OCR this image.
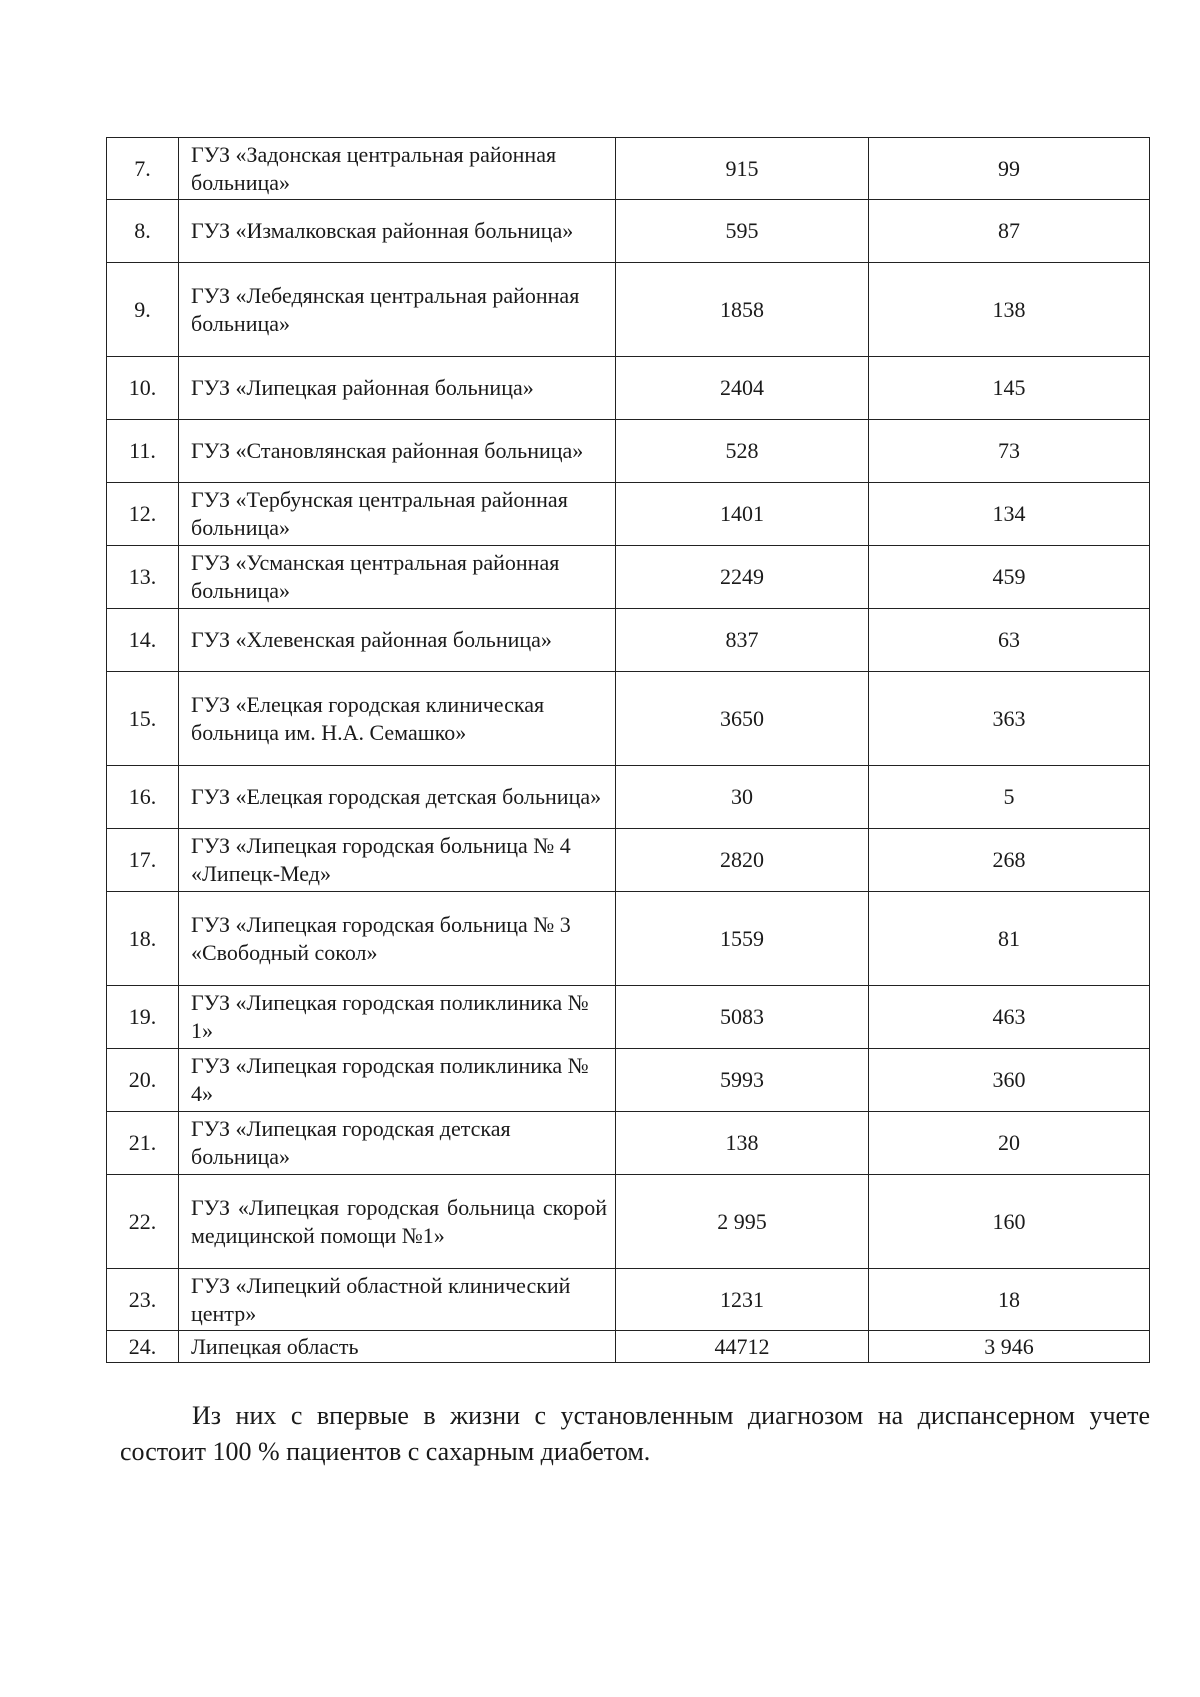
7.	ГУЗ «Задонская центральная районная больница»	915	99
8.	ГУЗ «Измалковская районная больница»	595	87
9.	ГУЗ «Лебедянская центральная районная больница»	1858	138
10.	ГУЗ «Липецкая районная больница»	2404	145
11.	ГУЗ «Становлянская районная больница»	528	73
12.	ГУЗ «Тербунская центральная районная больница»	1401	134
13.	ГУЗ «Усманская центральная районная больница»	2249	459
14.	ГУЗ «Хлевенская районная больница»	837	63
15.	ГУЗ «Елецкая городская клиническая больница им. Н.А. Семашко»	3650	363
16.	ГУЗ «Елецкая городская детская больница»	30	5
17.	ГУЗ «Липецкая городская больница № 4 «Липецк-Мед»	2820	268
18.	ГУЗ «Липецкая городская больница № 3 «Свободный сокол»	1559	81
19.	ГУЗ «Липецкая городская поликлиника № 1»	5083	463
20.	ГУЗ «Липецкая городская поликлиника № 4»	5993	360
21.	ГУЗ «Липецкая городская детская больница»	138	20
22.	ГУЗ «Липецкая городская больница скорой медицинской помощи №1»	2 995	160
23.	ГУЗ «Липецкий областной клинический центр»	1231	18
24.	Липецкая область	44712	3 946

Из них с впервые в жизни с установленным диагнозом на диспансерном учете состоит 100 % пациентов с сахарным диабетом.
